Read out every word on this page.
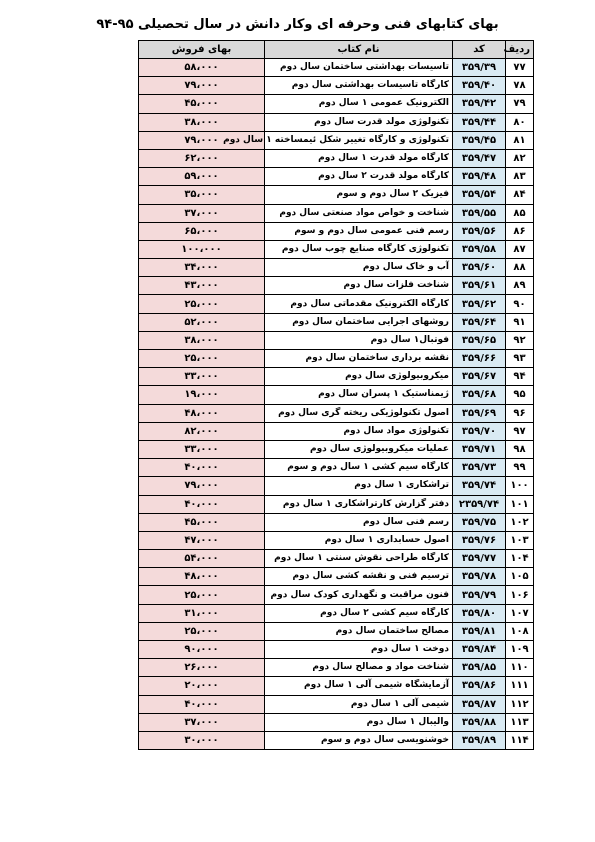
بهای کتابهای فنی وحرفه ای وکار دانش در سال تحصیلی ۹۵-۹۴
ردیف	کد	نام کتاب	بهای فروش
۷۷	۳۵۹/۳۹	تاسیسات بهداشتی ساختمان سال دوم	۵۸،۰۰۰
۷۸	۳۵۹/۴۰	کارگاه تاسیسات بهداشتی سال دوم	۷۹،۰۰۰
۷۹	۳۵۹/۴۲	الکترونیک عمومی ۱ سال دوم	۴۵،۰۰۰
۸۰	۳۵۹/۴۴	تکنولوژی مولد قدرت سال دوم	۳۸،۰۰۰
۸۱	۳۵۹/۴۵	تکنولوژی و کارگاه تغییر شکل ئیمساخته ۱ سال دوم	۷۹،۰۰۰
۸۲	۳۵۹/۴۷	کارگاه مولد قدرت ۱ سال دوم	۶۲،۰۰۰
۸۳	۳۵۹/۴۸	کارگاه مولد قدرت ۲ سال دوم	۵۹،۰۰۰
۸۴	۳۵۹/۵۴	فیزیک ۲ سال دوم و سوم	۳۵،۰۰۰
۸۵	۳۵۹/۵۵	شناخت و خواص مواد صنعتی سال دوم	۳۷،۰۰۰
۸۶	۳۵۹/۵۶	رسم فنی عمومی سال دوم و سوم	۶۵،۰۰۰
۸۷	۳۵۹/۵۸	تکنولوژی کارگاه صنایع چوب سال دوم	۱۰۰،۰۰۰
۸۸	۳۵۹/۶۰	آب و خاک سال دوم	۳۴،۰۰۰
۸۹	۳۵۹/۶۱	شناخت فلزات سال دوم	۴۳،۰۰۰
۹۰	۳۵۹/۶۲	کارگاه الکترونیک مقدماتی سال دوم	۲۵،۰۰۰
۹۱	۳۵۹/۶۴	روشهای اجرایی ساختمان سال دوم	۵۲،۰۰۰
۹۲	۳۵۹/۶۵	فوتبال۱ سال دوم	۳۸،۰۰۰
۹۳	۳۵۹/۶۶	نقشه برداری ساختمان سال دوم	۲۵،۰۰۰
۹۴	۳۵۹/۶۷	میکروبیولوژی سال دوم	۳۳،۰۰۰
۹۵	۳۵۹/۶۸	ژیمناستیک ۱ پسران سال دوم	۱۹،۰۰۰
۹۶	۳۵۹/۶۹	اصول تکنولوژیکی ریخته گری سال دوم	۴۸،۰۰۰
۹۷	۳۵۹/۷۰	تکنولوژی مواد سال دوم	۸۲،۰۰۰
۹۸	۳۵۹/۷۱	عملیات میکروبیولوژی سال دوم	۳۳،۰۰۰
۹۹	۳۵۹/۷۳	کارگاه سیم کشی ۱ سال دوم و سوم	۴۰،۰۰۰
۱۰۰	۳۵۹/۷۴	تراشکاری ۱ سال دوم	۷۹،۰۰۰
۱۰۱	۲۳۵۹/۷۴	دفتر گزارش کارتراشکاری ۱ سال دوم	۴۰،۰۰۰
۱۰۲	۳۵۹/۷۵	رسم فنی سال دوم	۴۵،۰۰۰
۱۰۳	۳۵۹/۷۶	اصول حسابداری ۱ سال دوم	۴۷،۰۰۰
۱۰۴	۳۵۹/۷۷	کارگاه طراحی نقوش سنتی ۱ سال دوم	۵۴،۰۰۰
۱۰۵	۳۵۹/۷۸	ترسیم فنی و نقشه کشی سال دوم	۴۸،۰۰۰
۱۰۶	۳۵۹/۷۹	فنون مراقبت و نگهداری کودک سال دوم	۲۵،۰۰۰
۱۰۷	۳۵۹/۸۰	کارگاه سیم کشی ۲ سال دوم	۳۱،۰۰۰
۱۰۸	۳۵۹/۸۱	مصالح ساختمان سال دوم	۲۵،۰۰۰
۱۰۹	۳۵۹/۸۴	دوخت ۱ سال دوم	۹۰،۰۰۰
۱۱۰	۳۵۹/۸۵	شناخت مواد و مصالح سال دوم	۲۶،۰۰۰
۱۱۱	۳۵۹/۸۶	آزمایشگاه شیمی آلی ۱ سال دوم	۲۰،۰۰۰
۱۱۲	۳۵۹/۸۷	شیمی آلی ۱ سال دوم	۴۰،۰۰۰
۱۱۳	۳۵۹/۸۸	والیبال ۱ سال دوم	۳۷،۰۰۰
۱۱۴	۳۵۹/۸۹	خوشنویسی سال دوم و سوم	۳۰،۰۰۰
